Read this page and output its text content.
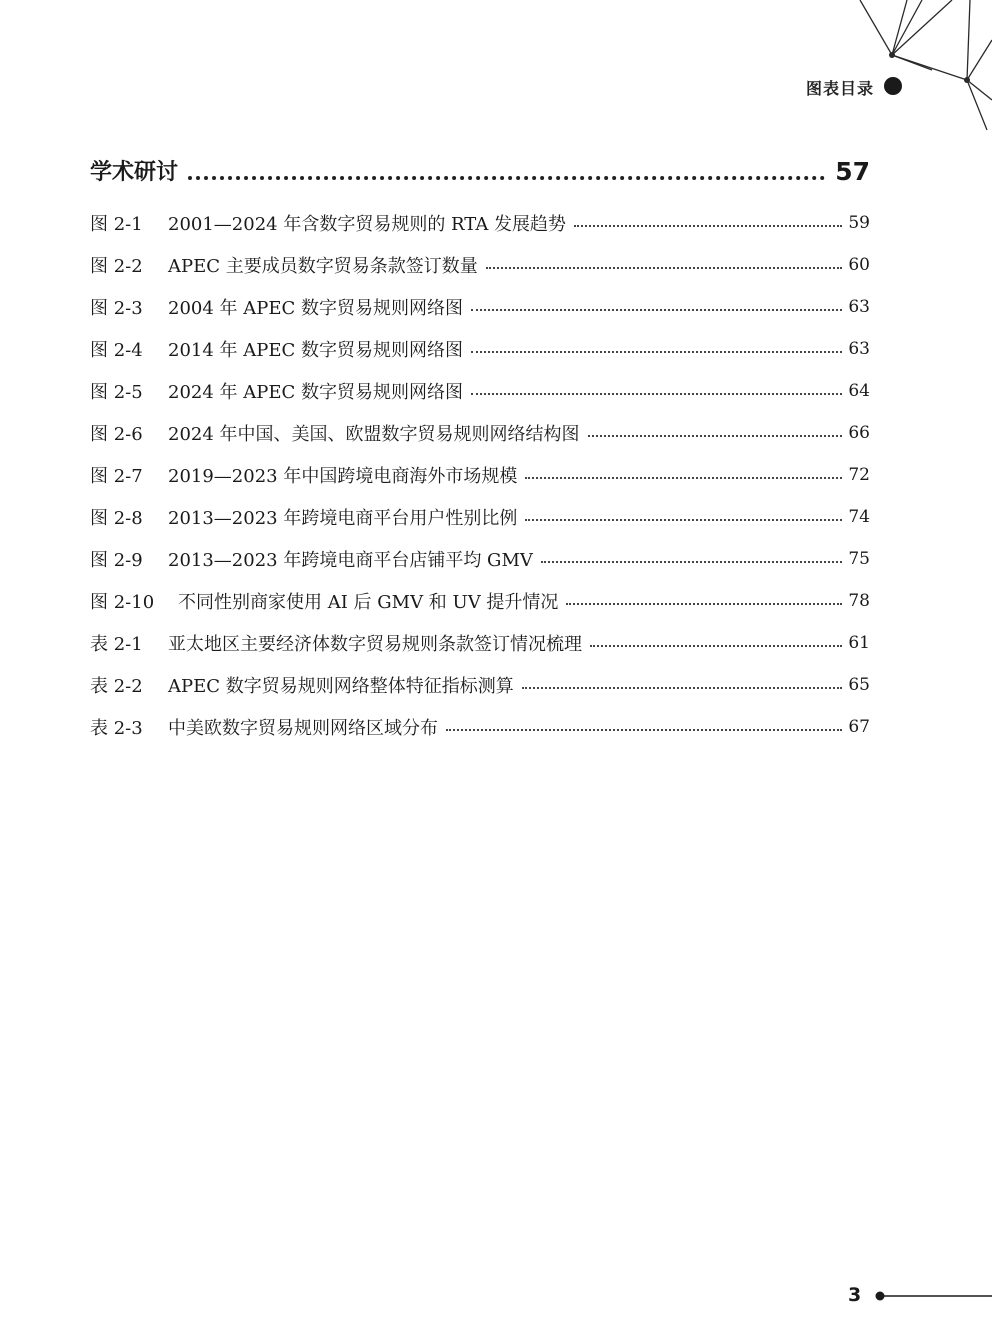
图表目录
学术研讨	57
图 2-1	2001—2024 年含数字贸易规则的 RTA 发展趋势	59
图 2-2	APEC 主要成员数字贸易条款签订数量	60
图 2-3	2004 年 APEC 数字贸易规则网络图	63
图 2-4	2014 年 APEC 数字贸易规则网络图	63
图 2-5	2024 年 APEC 数字贸易规则网络图	64
图 2-6	2024 年中国、美国、欧盟数字贸易规则网络结构图	66
图 2-7	2019—2023 年中国跨境电商海外市场规模	72
图 2-8	2013—2023 年跨境电商平台用户性别比例	74
图 2-9	2013—2023 年跨境电商平台店铺平均 GMV	75
图 2-10	不同性别商家使用 AI 后 GMV 和 UV 提升情况	78
表 2-1	亚太地区主要经济体数字贸易规则条款签订情况梳理	61
表 2-2	APEC 数字贸易规则网络整体特征指标测算	65
表 2-3	中美欧数字贸易规则网络区域分布	67
3
